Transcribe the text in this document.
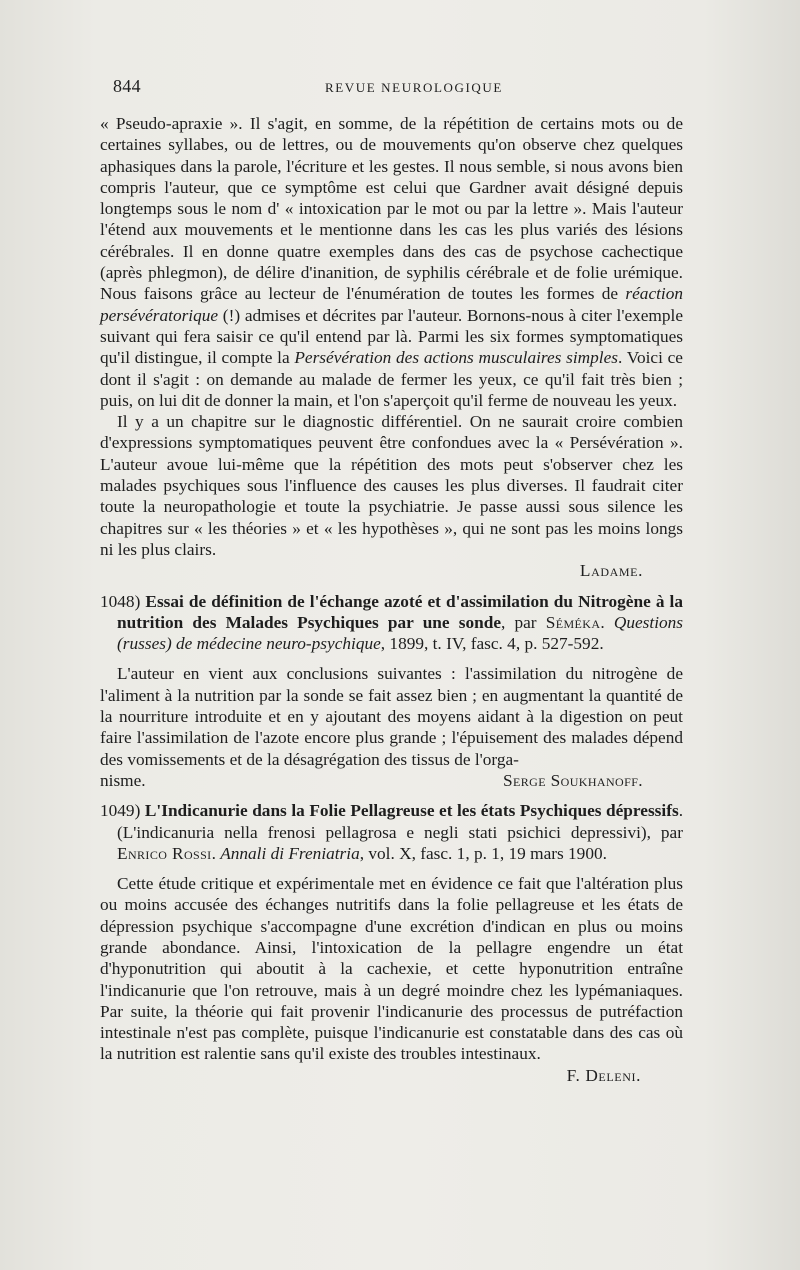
844	REVUE NEUROLOGIQUE

« Pseudo-apraxie ». Il s'agit, en somme, de la répétition de certains mots ou de certaines syllabes, ou de lettres, ou de mouvements qu'on observe chez quelques aphasiques dans la parole, l'écriture et les gestes. Il nous semble, si nous avons bien compris l'auteur, que ce symptôme est celui que Gardner avait désigné depuis longtemps sous le nom d' « intoxication par le mot ou par la lettre ». Mais l'auteur l'étend aux mouvements et le mentionne dans les cas les plus variés des lésions cérébrales. Il en donne quatre exemples dans des cas de psychose cachectique (après phlegmon), de délire d'inanition, de syphilis cérébrale et de folie urémique. Nous faisons grâce au lecteur de l'énumération de toutes les formes de réaction persévératorique (!) admises et décrites par l'auteur. Bornons-nous à citer l'exemple suivant qui fera saisir ce qu'il entend par là. Parmi les six formes symptomatiques qu'il distingue, il compte la Persévération des actions musculaires simples. Voici ce dont il s'agit : on demande au malade de fermer les yeux, ce qu'il fait très bien ; puis, on lui dit de donner la main, et l'on s'aperçoit qu'il ferme de nouveau les yeux.

Il y a un chapitre sur le diagnostic différentiel. On ne saurait croire combien d'expressions symptomatiques peuvent être confondues avec la « Persévération ». L'auteur avoue lui-même que la répétition des mots peut s'observer chez les malades psychiques sous l'influence des causes les plus diverses. Il faudrait citer toute la neuropathologie et toute la psychiatrie. Je passe aussi sous silence les chapitres sur « les théories » et « les hypothèses », qui ne sont pas les moins longs ni les plus clairs.

Ladame.

1048) Essai de définition de l'échange azoté et d'assimilation du Nitrogène à la nutrition des Malades Psychiques par une sonde, par Séméka. Questions (russes) de médecine neuro-psychique, 1899, t. IV, fasc. 4, p. 527-592.

L'auteur en vient aux conclusions suivantes : l'assimilation du nitrogène de l'aliment à la nutrition par la sonde se fait assez bien ; en augmentant la quantité de la nourriture introduite et en y ajoutant des moyens aidant à la digestion on peut faire l'assimilation de l'azote encore plus grande ; l'épuisement des malades dépend des vomissements et de la désagrégation des tissus de l'orga-

nisme.	Serge Soukhanoff.

1049) L'Indicanurie dans la Folie Pellagreuse et les états Psychiques dépressifs. (L'indicanuria nella frenosi pellagrosa e negli stati psichici depressivi), par Enrico Rossi. Annali di Freniatria, vol. X, fasc. 1, p. 1, 19 mars 1900.

Cette étude critique et expérimentale met en évidence ce fait que l'altération plus ou moins accusée des échanges nutritifs dans la folie pellagreuse et les états de dépression psychique s'accompagne d'une excrétion d'indican en plus ou moins grande abondance. Ainsi, l'intoxication de la pellagre engendre un état d'hyponutrition qui aboutit à la cachexie, et cette hyponutrition entraîne l'indicanurie que l'on retrouve, mais à un degré moindre chez les lypémaniaques. Par suite, la théorie qui fait provenir l'indicanurie des processus de putréfaction intestinale n'est pas complète, puisque l'indicanurie est constatable dans des cas où la nutrition est ralentie sans qu'il existe des troubles intestinaux.

F. Deleni.
